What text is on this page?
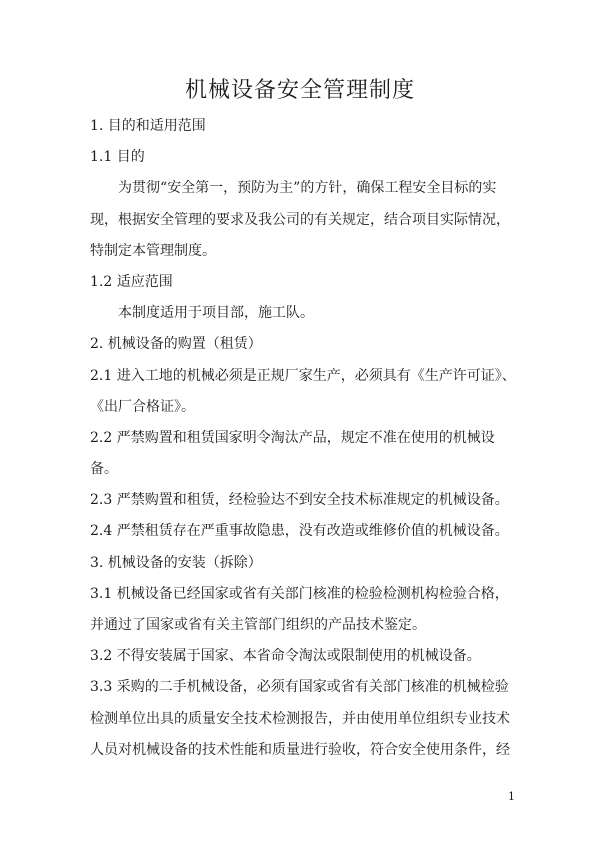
机械设备安全管理制度
1. 目的和适用范围
1.1 目的
为贯彻“安全第一，预防为主”的方针，确保工程安全目标的实
现，根据安全管理的要求及我公司的有关规定，结合项目实际情况，
特制定本管理制度。
1.2 适应范围
本制度适用于项目部，施工队。
2. 机械设备的购置（租赁）
2.1 进入工地的机械必须是正规厂家生产，必须具有《生产许可证》、
《出厂合格证》。
2.2 严禁购置和租赁国家明令淘汰产品，规定不准在使用的机械设
备。
2.3 严禁购置和租赁，经检验达不到安全技术标准规定的机械设备。
2.4 严禁租赁存在严重事故隐患，没有改造或维修价值的机械设备。
3. 机械设备的安装（拆除）
3.1 机械设备已经国家或省有关部门核准的检验检测机构检验合格，
并通过了国家或省有关主管部门组织的产品技术鉴定。
3.2 不得安装属于国家、本省命令淘汰或限制使用的机械设备。
3.3 采购的二手机械设备，必须有国家或省有关部门核准的机械检验
检测单位出具的质量安全技术检测报告，并由使用单位组织专业技术
人员对机械设备的技术性能和质量进行验收，符合安全使用条件，经
1
